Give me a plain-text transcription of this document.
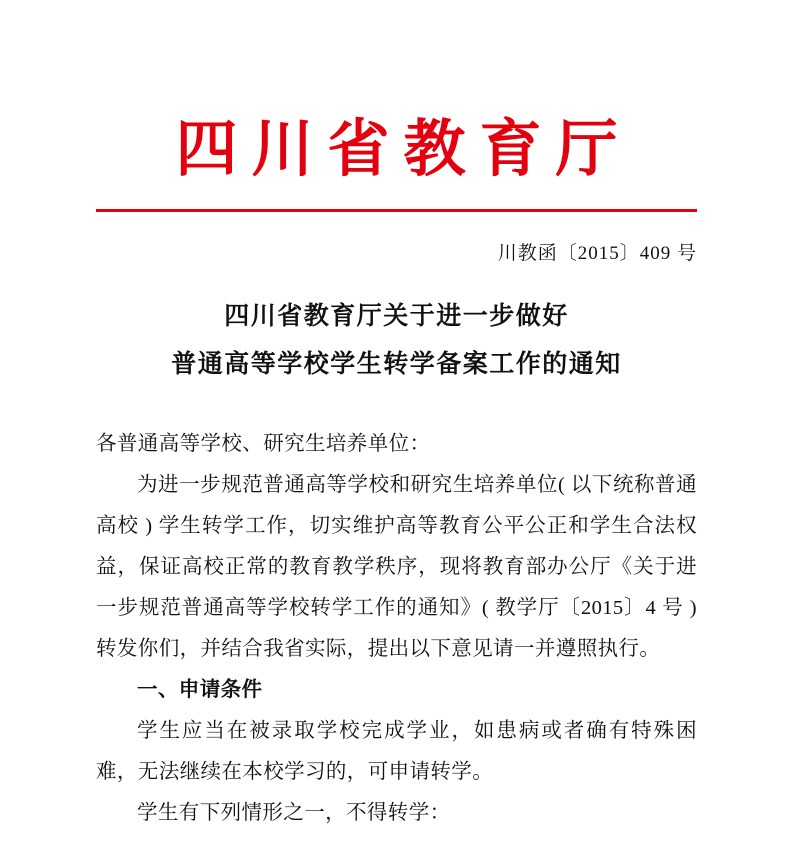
四川省教育厅
川教函〔2015〕409 号
四川省教育厅关于进一步做好
普通高等学校学生转学备案工作的通知

各普通高等学校、研究生培养单位：

为进一步规范普通高等学校和研究生培养单位( 以下统称普通高校 ) 学生转学工作，切实维护高等教育公平公正和学生合法权益，保证高校正常的教育教学秩序，现将教育部办公厅《关于进一步规范普通高等学校转学工作的通知》( 教学厅〔2015〕4 号 ) 转发你们，并结合我省实际，提出以下意见请一并遵照执行。

一、申请条件

学生应当在被录取学校完成学业，如患病或者确有特殊困难，无法继续在本校学习的，可申请转学。

学生有下列情形之一，不得转学：
